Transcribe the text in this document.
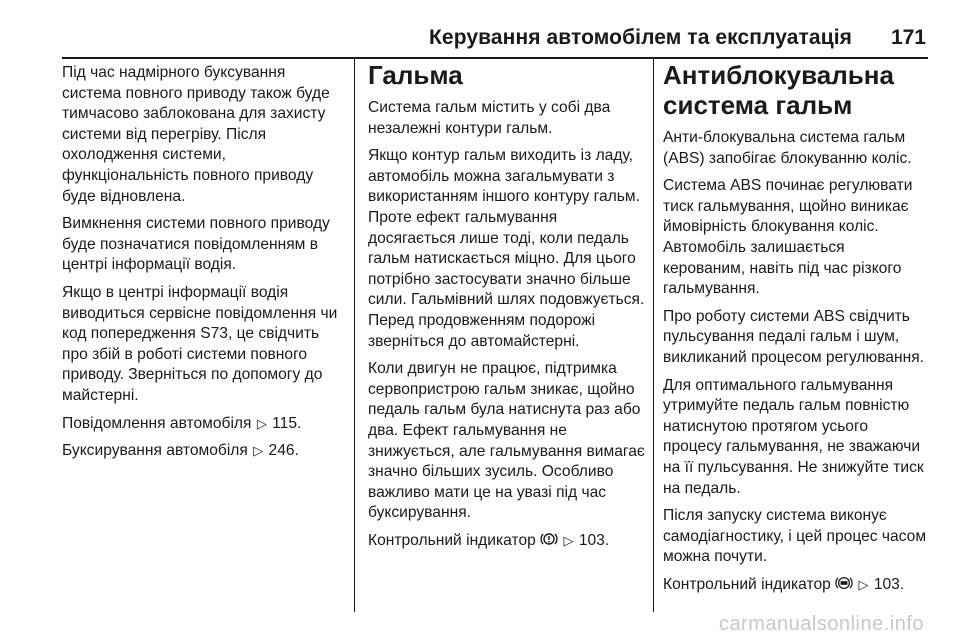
Керування автомобілем та експлуатація 171

Під час надмірного буксування система повного приводу також буде тимчасово заблокована для захисту системи від перегріву. Після охолодження системи, функціональність повного приводу буде відновлена.

Вимкнення системи повного приводу буде позначатися повідомленням в центрі інформації водія.

Якщо в центрі інформації водія виводиться сервісне повідомлення чи код попередження S73, це свідчить про збій в роботі системи повного приводу. Зверніться по допомогу до майстерні.

Повідомлення автомобіля ▷ 115.

Буксирування автомобіля ▷ 246.

Гальма

Система гальм містить у собі два незалежні контури гальм.

Якщо контур гальм виходить із ладу, автомобіль можна загальмувати з використанням іншого контуру гальм. Проте ефект гальмування досягається лише тоді, коли педаль гальм натискається міцно. Для цього потрібно застосувати значно більше сили. Гальмівний шлях подовжується. Перед продовженням подорожі зверніться до автомайстерні.

Коли двигун не працює, підтримка сервопристрою гальм зникає, щойно педаль гальм була натиснута раз або два. Ефект гальмування не знижується, але гальмування вимагає значно більших зусиль. Особливо важливо мати це на увазі під час буксирування.

Контрольний індикатор ▷ 103.

Антиблокувальна система гальм

Анти-блокувальна система гальм (ABS) запобігає блокуванню коліс.

Система ABS починає регулювати тиск гальмування, щойно виникає ймовірність блокування коліс. Автомобіль залишається керованим, навіть під час різкого гальмування.

Про роботу системи ABS свідчить пульсування педалі гальм і шум, викликаний процесом регулювання.

Для оптимального гальмування утримуйте педаль гальм повністю натиснутою протягом усього процесу гальмування, не зважаючи на її пульсування. Не знижуйте тиск на педаль.

Після запуску система виконує самодіагностику, і цей процес часом можна почути.

Контрольний індикатор ▷ 103.

carmanualsonline.info
